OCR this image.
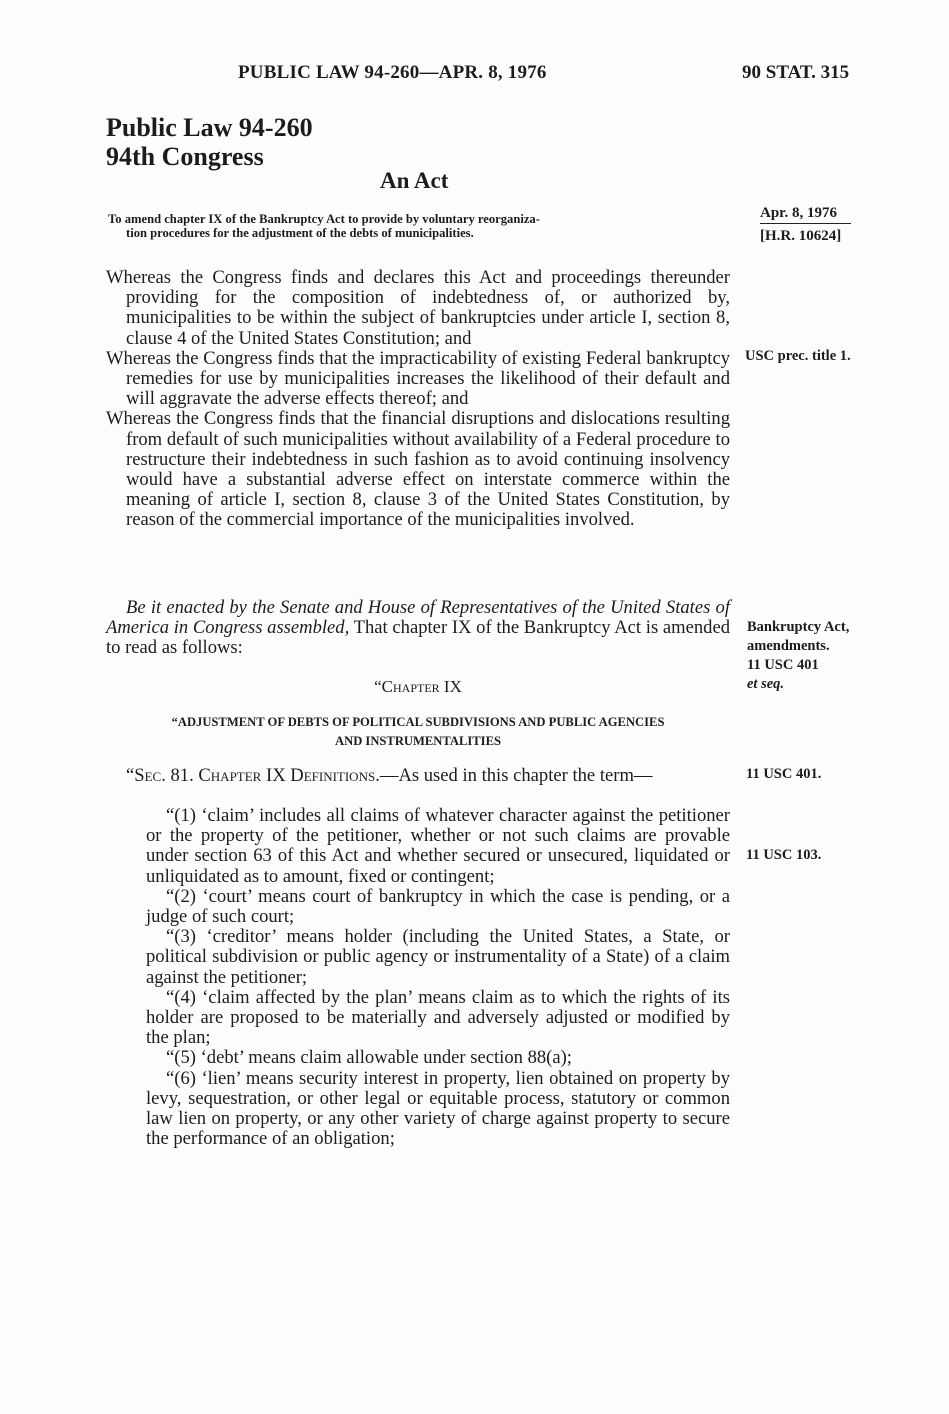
PUBLIC LAW 94-260—APR. 8, 1976	90 STAT. 315
Public Law 94-260
94th Congress
An Act
To amend chapter IX of the Bankruptcy Act to provide by voluntary reorganiza-
tion procedures for the adjustment of the debts of municipalities.
Apr. 8, 1976
[H.R. 10624]

Whereas the Congress finds and declares this Act and proceedings thereunder providing for the composition of indebtedness of, or authorized by, municipalities to be within the subject of bankruptcies under article I, section 8, clause 4 of the United States Constitution; and

Whereas the Congress finds that the impracticability of existing Federal bankruptcy remedies for use by municipalities increases the likelihood of their default and will aggravate the adverse effects thereof; and

Whereas the Congress finds that the financial disruptions and dislocations resulting from default of such municipalities without availability of a Federal procedure to restructure their indebtedness in such fashion as to avoid continuing insolvency would have a substantial adverse effect on interstate commerce within the meaning of article I, section 8, clause 3 of the United States Constitution, by reason of the commercial importance of the municipalities involved.

USC prec. title 1.

Be it enacted by the Senate and House of Representatives of the United States of America in Congress assembled, That chapter IX of the Bankruptcy Act is amended to read as follows:

Bankruptcy Act,
amendments.
11 USC 401
et seq.
“Chapter IX
“ADJUSTMENT OF DEBTS OF POLITICAL SUBDIVISIONS AND PUBLIC AGENCIES
AND INSTRUMENTALITIES

“Sec. 81. Chapter IX Definitions.—As used in this chapter the term—	11 USC 401.

“(1) ‘claim’ includes all claims of whatever character against the petitioner or the property of the petitioner, whether or not such claims are provable under section 63 of this Act and whether secured or unsecured, liquidated or unliquidated as to amount, fixed or contingent;

“(2) ‘court’ means court of bankruptcy in which the case is pending, or a judge of such court;

“(3) ‘creditor’ means holder (including the United States, a State, or political subdivision or public agency or instrumentality of a State) of a claim against the petitioner;

“(4) ‘claim affected by the plan’ means claim as to which the rights of its holder are proposed to be materially and adversely adjusted or modified by the plan;

“(5) ‘debt’ means claim allowable under section 88(a);

“(6) ‘lien’ means security interest in property, lien obtained on property by levy, sequestration, or other legal or equitable process, statutory or common law lien on property, or any other variety of charge against property to secure the performance of an obligation;

11 USC 103.
